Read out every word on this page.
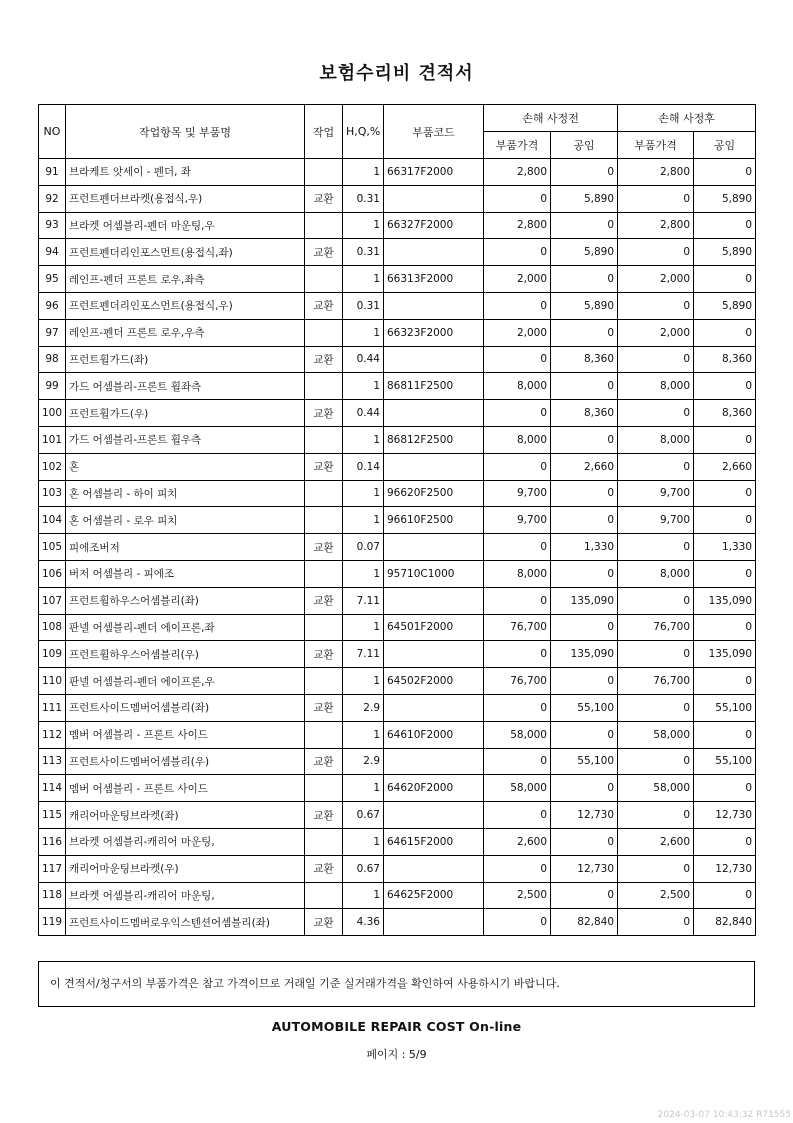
보험수리비 견적서
NO	작업항목 및 부품명	작업	H,Q,%	부품코드	손해 사정전		손해 사정후	
					부품가격	공임	부품가격	공임
91	브라케트 앗세이 - 펜더, 좌		1	66317F2000	2,800	0	2,800	0
92	프런트펜더브라켓(용접식,우)	교환	0.31		0	5,890	0	5,890
93	브라켓 어셈블리-펜더 마운팅,우		1	66327F2000	2,800	0	2,800	0
94	프런트펜더리인포스먼트(용접식,좌)	교환	0.31		0	5,890	0	5,890
95	레인프-펜더 프론트 로우,좌측		1	66313F2000	2,000	0	2,000	0
96	프런트펜더리인포스먼트(용접식,우)	교환	0.31		0	5,890	0	5,890
97	레인프-펜더 프론트 로우,우측		1	66323F2000	2,000	0	2,000	0
98	프런트휠가드(좌)	교환	0.44		0	8,360	0	8,360
99	가드 어셈블리-프론트 휠좌측		1	86811F2500	8,000	0	8,000	0
100	프런트휠가드(우)	교환	0.44		0	8,360	0	8,360
101	가드 어셈블리-프론트 휠우측		1	86812F2500	8,000	0	8,000	0
102	혼	교환	0.14		0	2,660	0	2,660
103	혼 어셈블리 - 하이 피치		1	96620F2500	9,700	0	9,700	0
104	혼 어셈블리 - 로우 피치		1	96610F2500	9,700	0	9,700	0
105	피에조버저	교환	0.07		0	1,330	0	1,330
106	버저 어셈블리 - 피에조		1	95710C1000	8,000	0	8,000	0
107	프런트휠하우스어셈블리(좌)	교환	7.11		0	135,090	0	135,090
108	판넬 어셈블리-펜더 에이프론,좌		1	64501F2000	76,700	0	76,700	0
109	프런트휠하우스어셈블리(우)	교환	7.11		0	135,090	0	135,090
110	판넬 어셈블리-펜더 에이프론,우		1	64502F2000	76,700	0	76,700	0
111	프런트사이드멤버어셈블리(좌)	교환	2.9		0	55,100	0	55,100
112	멤버 어셈블리 - 프론트 사이드		1	64610F2000	58,000	0	58,000	0
113	프런트사이드멤버어셈블리(우)	교환	2.9		0	55,100	0	55,100
114	멤버 어셈블리 - 프론트 사이드		1	64620F2000	58,000	0	58,000	0
115	캐리어마운팅브라켓(좌)	교환	0.67		0	12,730	0	12,730
116	브라켓 어셈블리-캐리어 마운팅,		1	64615F2000	2,600	0	2,600	0
117	캐리어마운팅브라켓(우)	교환	0.67		0	12,730	0	12,730
118	브라켓 어셈블리-캐리어 마운팅,		1	64625F2000	2,500	0	2,500	0
119	프런트사이드멤버로우익스텐션어셈블리(좌)	교환	4.36		0	82,840	0	82,840
이 견적서/청구서의 부품가격은 참고 가격이므로 거래일 기준 실거래가격을 확인하여 사용하시기 바랍니다.
AUTOMOBILE REPAIR COST On-line
페이지 : 5/9
2024-03-07 10:43:32 R71555
